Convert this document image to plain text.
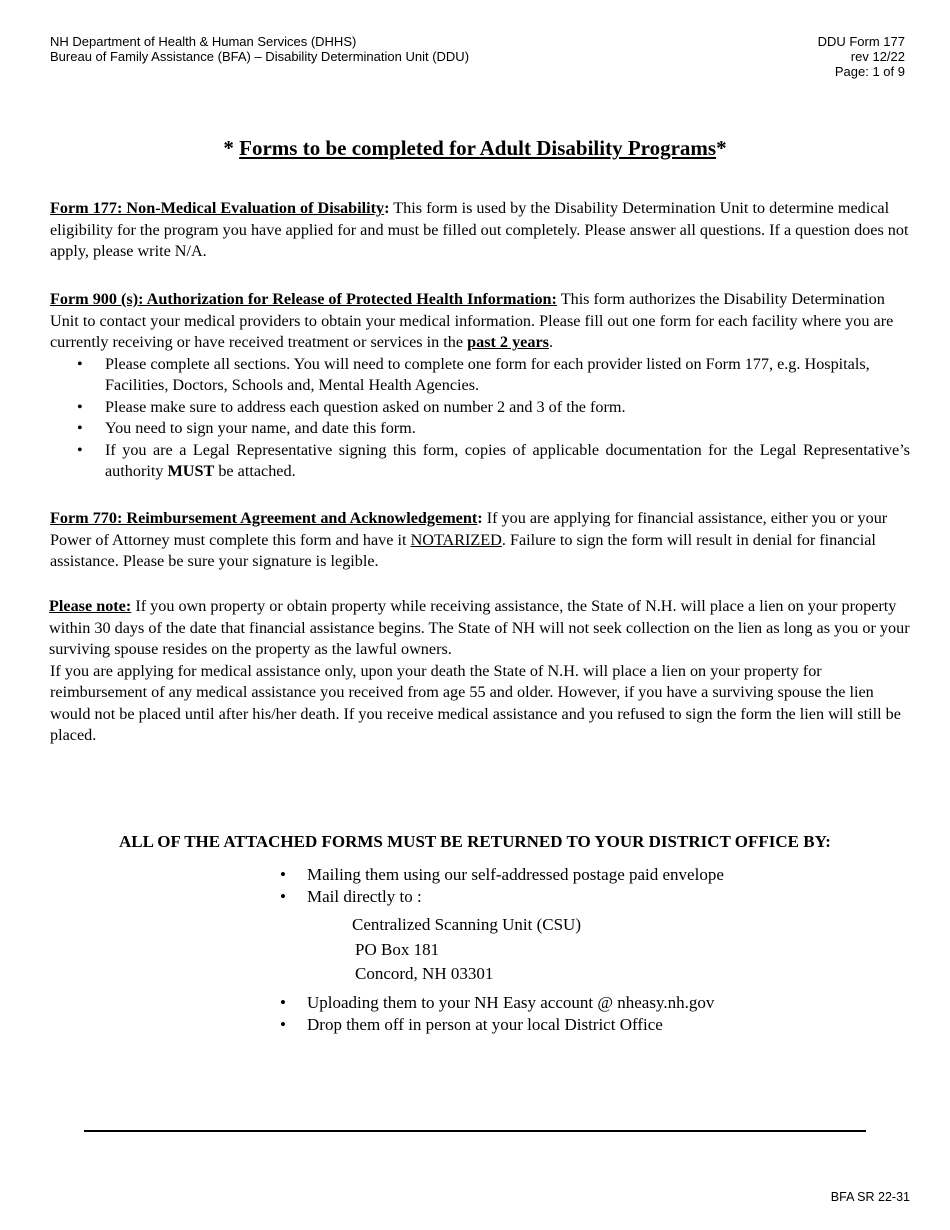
NH Department of Health & Human Services (DHHS)
Bureau of Family Assistance (BFA) – Disability Determination Unit (DDU)
DDU Form 177
rev 12/22
Page: 1 of 9
* Forms to be completed for Adult Disability Programs*
Form 177: Non-Medical Evaluation of Disability: This form is used by the Disability Determination Unit to determine medical eligibility for the program you have applied for and must be filled out completely. Please answer all questions. If a question does not apply, please write N/A.
Form 900 (s): Authorization for Release of Protected Health Information: This form authorizes the Disability Determination Unit to contact your medical providers to obtain your medical information. Please fill out one form for each facility where you are currently receiving or have received treatment or services in the past 2 years.
• Please complete all sections. You will need to complete one form for each provider listed on Form 177, e.g. Hospitals, Facilities, Doctors, Schools and, Mental Health Agencies.
• Please make sure to address each question asked on number 2 and 3 of the form.
• You need to sign your name, and date this form.
• If you are a Legal Representative signing this form, copies of applicable documentation for the Legal Representative’s authority MUST be attached.
Form 770: Reimbursement Agreement and Acknowledgement: If you are applying for financial assistance, either you or your Power of Attorney must complete this form and have it NOTARIZED. Failure to sign the form will result in denial for financial assistance. Please be sure your signature is legible.
Please note: If you own property or obtain property while receiving assistance, the State of N.H. will place a lien on your property within 30 days of the date that financial assistance begins. The State of NH will not seek collection on the lien as long as you or your surviving spouse resides on the property as the lawful owners.
If you are applying for medical assistance only, upon your death the State of N.H. will place a lien on your property for reimbursement of any medical assistance you received from age 55 and older. However, if you have a surviving spouse the lien would not be placed until after his/her death. If you receive medical assistance and you refused to sign the form the lien will still be placed.
ALL OF THE ATTACHED FORMS MUST BE RETURNED TO YOUR DISTRICT OFFICE BY:
• Mailing them using our self-addressed postage paid envelope
• Mail directly to :
Centralized Scanning Unit (CSU)
PO Box 181
Concord, NH 03301
• Uploading them to your NH Easy account @ nheasy.nh.gov
• Drop them off in person at your local District Office
BFA SR 22-31
